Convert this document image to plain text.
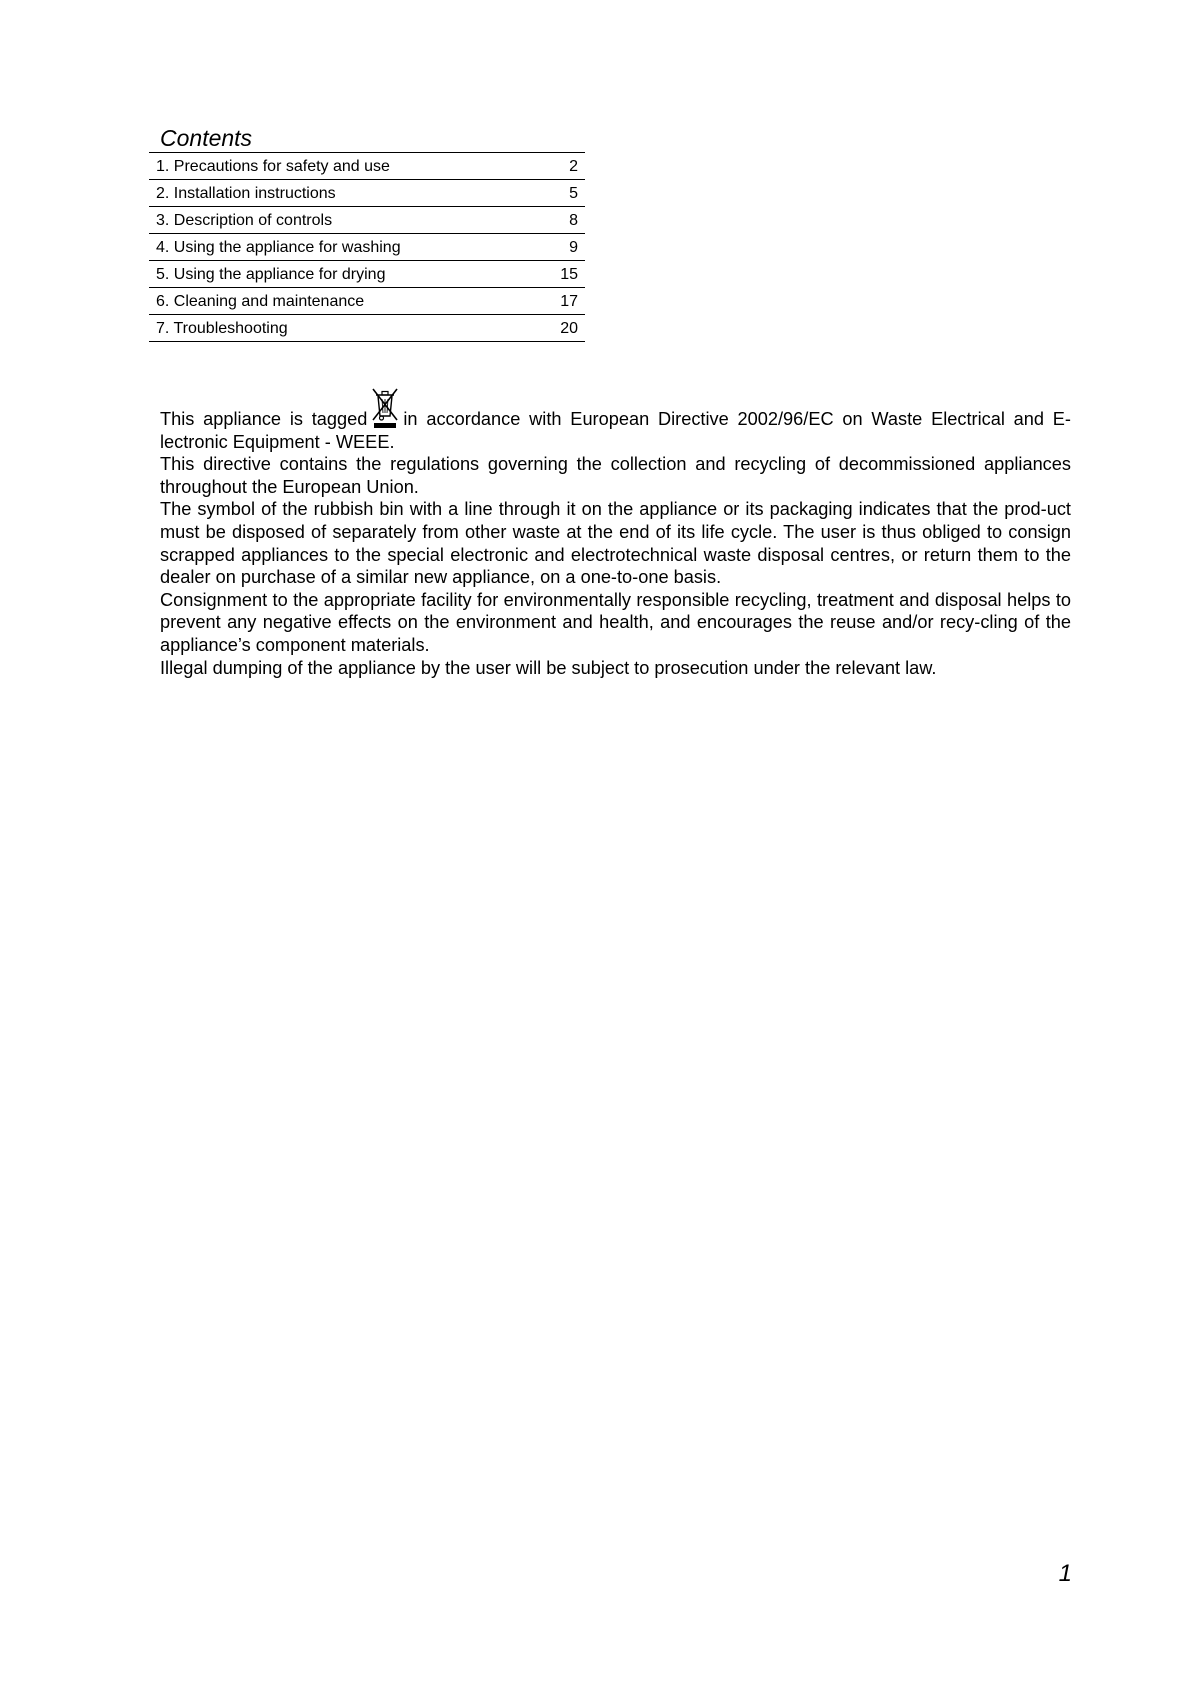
Contents
1. Precautions for safety and use	2
2. Installation instructions	5
3. Description of controls	8
4. Using the appliance for washing	9
5. Using the appliance for drying	15
6. Cleaning and maintenance	17
7. Troubleshooting	20

This appliance is tagged in accordance with European Directive 2002/96/EC on Waste Electrical and E-lectronic Equipment - WEEE.

This directive contains the regulations governing the collection and recycling of decommissioned appliances throughout the European Union.

The symbol of the rubbish bin with a line through it on the appliance or its packaging indicates that the prod-uct must be disposed of separately from other waste at the end of its life cycle. The user is thus obliged to consign scrapped appliances to the special electronic and electrotechnical waste disposal centres, or return them to the dealer on purchase of a similar new appliance, on a one-to-one basis.

Consignment to the appropriate facility for environmentally responsible recycling, treatment and disposal helps to prevent any negative effects on the environment and health, and encourages the reuse and/or recy-cling of the appliance’s component materials.

Illegal dumping of the appliance by the user will be subject to prosecution under the relevant law.

1
